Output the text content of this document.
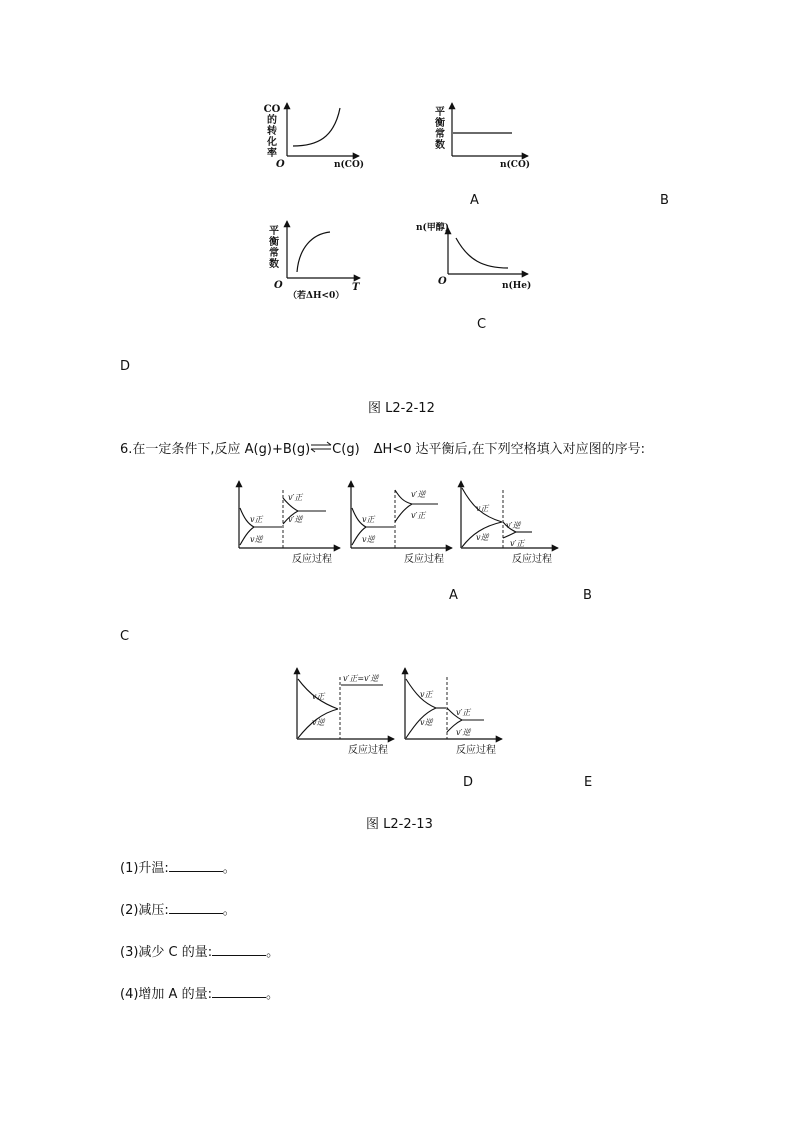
CO
的
转
化
率
O	n(CO)
平
衡
常
数
n(CO)
A	B
平
衡
常
数
O	T
（若ΔH<0）
n(甲醇)
O	n(He)
C
D
图 L2-2-12
6.在一定条件下,反应 A(g)+B(g)⇌C(g) ΔH<0 达平衡后,在下列空格填入对应图的序号:
v正
v逆
v′正
v′逆
反应过程
v正
v逆
v′逆
v′正
反应过程
v正
v逆
v′逆
v′正
反应过程
A	B
C
v正
v逆
v′正=v′逆
反应过程
v正
v逆
v′正
v′逆
反应过程
D	E
图 L2-2-13
(1)升温:	。
(2)减压:	。
(3)减少 C 的量:	。
(4)增加 A 的量:	。
